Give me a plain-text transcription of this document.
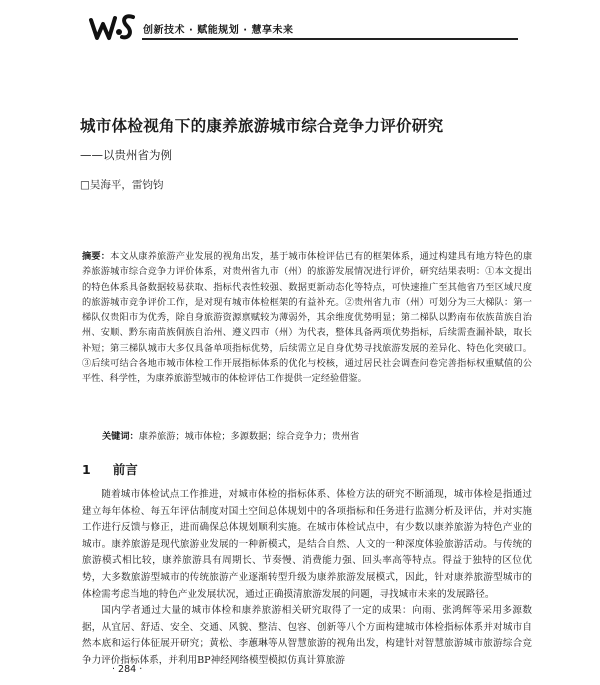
创新技术 · 赋能规划 · 慧享未来
城市体检视角下的康养旅游城市综合竞争力评价研究
——以贵州省为例
□吴海平，雷钧钧
摘要：本文从康养旅游产业发展的视角出发，基于城市体检评估已有的框架体系，通过构建具有地方特色的康养旅游城市综合竞争力评价体系，对贵州省九市（州）的旅游发展情况进行评价，研究结果表明：①本文提出的特色体系具备数据较易获取、指标代表性较强、数据更新动态化等特点，可快速推广至其他省乃至区域尺度的旅游城市竞争评价工作，是对现有城市体检框架的有益补充。②贵州省九市（州）可划分为三大梯队：第一梯队仅贵阳市为优秀，除自身旅游资源禀赋较为薄弱外，其余维度优势明显；第二梯队以黔南布依族苗族自治州、安顺、黔东南苗族侗族自治州、遵义四市（州）为代表，整体具备两项优势指标，后续需查漏补缺，取长补短；第三梯队城市大多仅具备单项指标优势，后续需立足自身优势寻找旅游发展的差异化、特色化突破口。③后续可结合各地市城市体检工作开展指标体系的优化与校核，通过居民社会调查问卷完善指标权重赋值的公平性、科学性，为康养旅游型城市的体检评估工作提供一定经验借鉴。
关键词：康养旅游；城市体检；多源数据；综合竞争力；贵州省
1 前言

随着城市体检试点工作推进，对城市体检的指标体系、体检方法的研究不断涌现，城市体检是指通过建立每年体检、每五年评估制度对国土空间总体规划中的各项指标和任务进行监测分析及评估，并对实施工作进行反馈与修正，进而确保总体规划顺利实施。在城市体检试点中，有少数以康养旅游为特色产业的城市。康养旅游是现代旅游业发展的一种新模式，是结合自然、人文的一种深度体验旅游活动。与传统的旅游模式相比较，康养旅游具有周期长、节奏慢、消费能力强、回头率高等特点。得益于独特的区位优势，大多数旅游型城市的传统旅游产业逐渐转型升级为康养旅游发展模式，因此，针对康养旅游型城市的体检需考虑当地的特色产业发展状况，通过正确摸清旅游发展的问题，寻找城市未来的发展路径。

国内学者通过大量的城市体检和康养旅游相关研究取得了一定的成果：向雨、张鸿辉等采用多源数据，从宜居、舒适、安全、交通、风貌、整洁、包容、创新等八个方面构建城市体检指标体系并对城市自然本底和运行体征展开研究；黄松、李蕙琳等从智慧旅游的视角出发，构建针对智慧旅游城市旅游综合竞争力评价指标体系，并利用BP神经网络模型模拟仿真计算旅游

· 284 ·
